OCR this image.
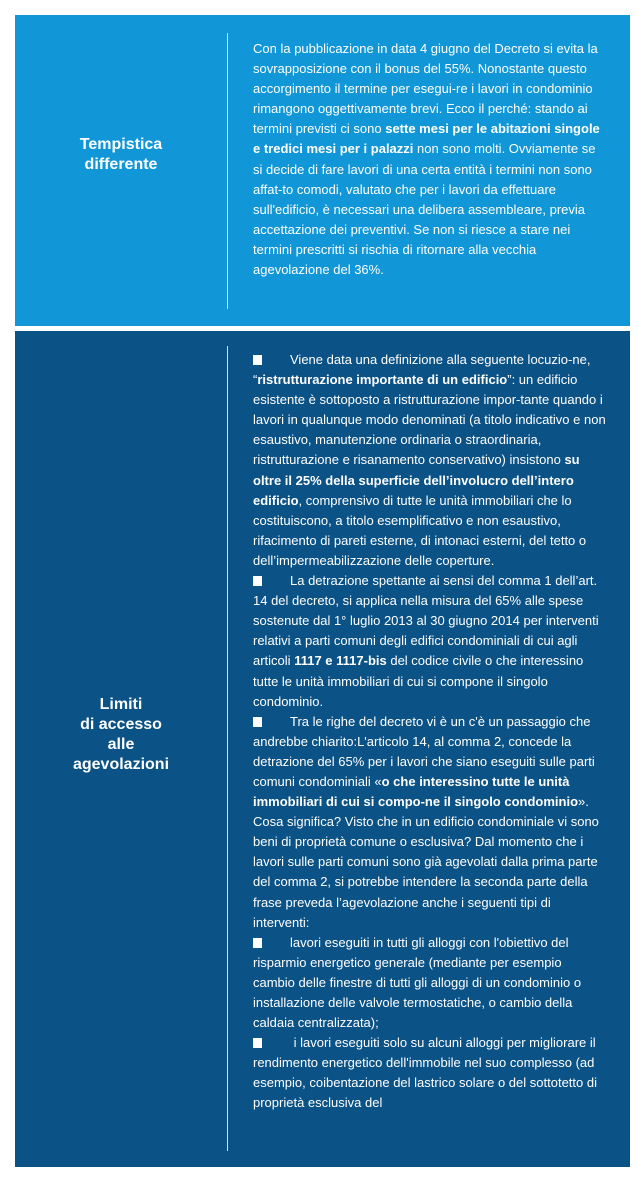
Tempistica
differente

Con la pubblicazione in data 4 giugno del Decreto si evita la sovrapposizione con il bonus del 55%. Nonostante questo accorgimento il termine per esegui-re i lavori in condominio rimangono oggettivamente brevi. Ecco il perché: stando ai termini previsti ci sono sette mesi per le abitazioni singole e tredici mesi per i palazzi non sono molti. Ovviamente se si decide di fare lavori di una certa entità i termini non sono affat-to comodi, valutato che per i lavori da effettuare sull'edificio, è necessari una delibera assembleare, previa accettazione dei preventivi. Se non si riesce a stare nei termini prescritti si rischia di ritornare alla vecchia agevolazione del 36%.

Limiti
di accesso
alle
agevolazioni

Viene data una definizione alla seguente locuzio-ne, “ristrutturazione importante di un edificio”: un edificio esistente è sottoposto a ristrutturazione impor-tante quando i lavori in qualunque modo denominati (a titolo indicativo e non esaustivo, manutenzione ordinaria o straordinaria, ristrutturazione e risanamento conservativo) insistono su oltre il 25% della superficie dell’involucro dell’intero edificio, comprensivo di tutte le unità immobiliari che lo costituiscono, a titolo esemplificativo e non esaustivo, rifacimento di pareti esterne, di intonaci esterni, del tetto o dell’impermeabilizzazione delle coperture.

La detrazione spettante ai sensi del comma 1 dell’art. 14 del decreto, si applica nella misura del 65% alle spese sostenute dal 1° luglio 2013 al 30 giugno 2014 per interventi relativi a parti comuni degli edifici condominiali di cui agli articoli 1117 e 1117-bis del codice civile o che interessino tutte le unità immobiliari di cui si compone il singolo condominio.

Tra le righe del decreto vi è un c'è un passaggio che andrebbe chiarito:L'articolo 14, al comma 2, concede la detrazione del 65% per i lavori che siano eseguiti sulle parti comuni condominiali «o che interessino tutte le unità immobiliari di cui si compo-ne il singolo condominio». Cosa significa? Visto che in un edificio condominiale vi sono beni di proprietà comune o esclusiva? Dal momento che i lavori sulle parti comuni sono già agevolati dalla prima parte del comma 2, si potrebbe intendere la seconda parte della frase preveda l’agevolazione anche i seguenti tipi di interventi:

lavori eseguiti in tutti gli alloggi con l'obiettivo del risparmio energetico generale (mediante per esempio cambio delle finestre di tutti gli alloggi di un condominio o installazione delle valvole termostatiche, o cambio della caldaia centralizzata);

i lavori eseguiti solo su alcuni alloggi per migliorare il rendimento energetico dell'immobile nel suo complesso (ad esempio, coibentazione del lastrico solare o del sottotetto di proprietà esclusiva del
